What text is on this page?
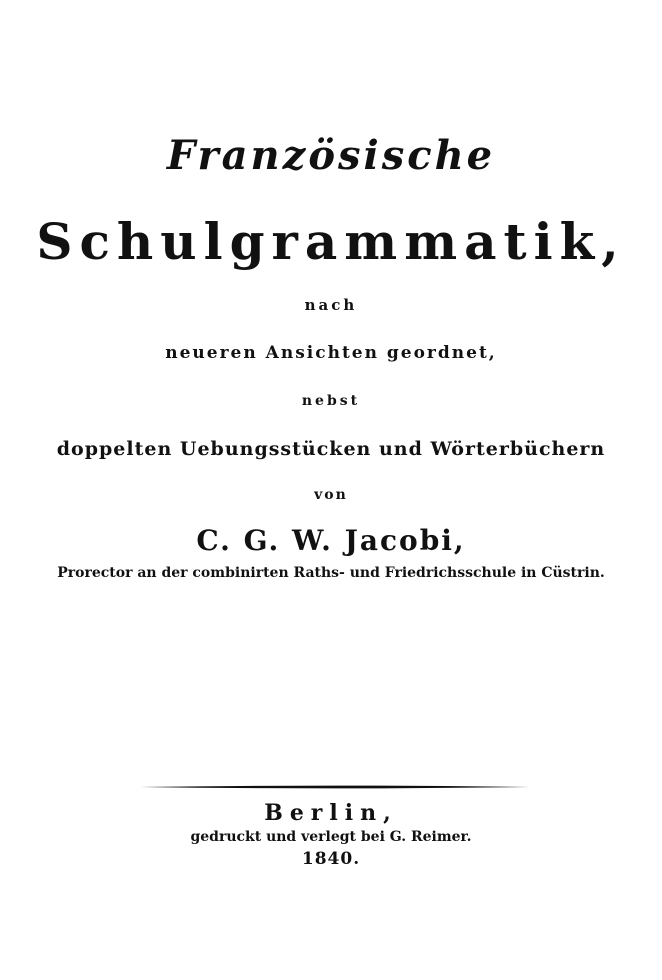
Französische
Schulgrammatik,
nach
neueren Ansichten geordnet,
nebst
doppelten Uebungsstücken und Wörterbüchern
von
C. G. W. Jacobi,
Prorector an der combinirten Raths- und Friedrichsschule in Cüstrin.
Berlin,
gedruckt und verlegt bei G. Reimer.
1840.
